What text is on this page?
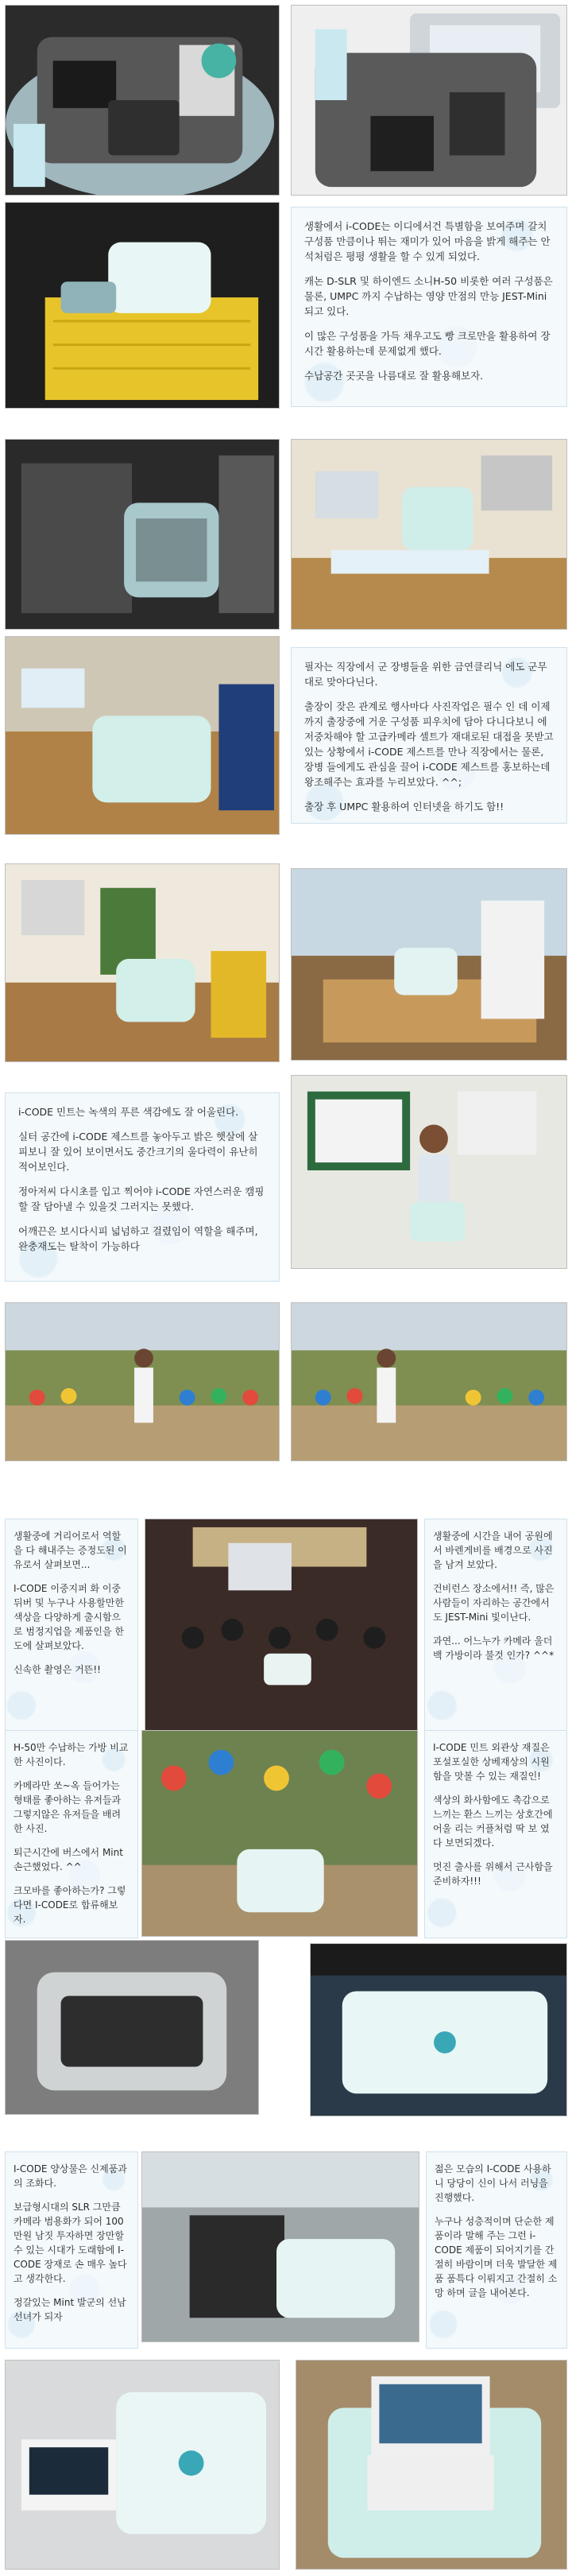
생활에서 i-CODE는 이디에서건 특별함을 보여주며 갈치 구성품 만큼이나 뛰는 재미가 있어 마음을 밝게 해주는 안석처럼은 평평 생활을 할 수 있게 되었다.

캐논 D-SLR 및 하이엔드 소니H-50 비롯한 여러 구성품은 물론, UMPC 까지 수납하는 영양 만점의 만능 JEST-Mini 되고 있다.

이 많은 구성품을 가득 채우고도 빵 크로만을 활용하여 장시간 활용하는데 문제없게 했다.

수납공간 곳곳을 나름대로 잘 활용해보자.

필자는 직장에서 군 장병들을 위한 금연클리닉 에도 군무대로 맞아다닌다.

출장이 잦은 관계로 행사마다 사진작업은 필수 인 데 이제까지 출장중에 거운 구성품 피우치에 담아 다니다보니 에저중차해야 할 고급카메라 셀트가 재대로된 대접을 못받고 있는 상황에서 i-CODE 제스트를 만나 직장에서는 물론, 장병 들에게도 관심을 끌어 i-CODE 제스트를 홍보하는데 왕조해주는 효과를 누리보았다. ^^;

출장 후 UMPC 활용하여 인터넷을 하기도 함!!

i-CODE 민트는 녹색의 푸른 색감에도 잘 어울린다.

실터 공간에 i-CODE 제스트를 놓아두고 밝은 햇살에 살피보니 잘 있어 보이면서도 중간크기의 울다력이 유난히 적어보인다.

정아저씨 다시초를 입고 찍어야 i-CODE 자연스러운 캠핑할 잘 담아낼 수 있을것 그러지는 못했다.

어깨끈은 보시다시피 넓넘하고 걸렸임이 역할을 해주며, 완충재도는 탈착이 가능하다

생활중에 거리어로서 역할을 다 해내주는 증정도된 이유로서 살펴보면...

I-CODE 이중지퍼 화 이중뒤버 및 누구나 사용할만한 색상을 다양하게 출시함으로 범정지업을 제품인을 한도에 살펴보았다.

신속한 촬영은 거뜬!!

생활중에 시간을 내어 공원에서 바렌게비를 배경으로 사진을 남겨 보았다.

건비런스 장소에서!! 즉, 많은 사람들이 자리하는 공간에서도 JEST-Mini 빛이난다.

과연... 어느누가 카메라 울더백 가방이라 불것 인가? ^^*

H-50만 수납하는 가방 비교한 사진이다.

카메라만 쏘~옥 들어가는 형태를 좋아하는 유저들과 그렇지않은 유저들을 배려한 사진.

퇴근시간에 버스에서 Mint 손근했었다. ^^

크모바를 좋아하는가? 그렇다면 I-CODE로 합류해보자.

I-CODE 민트 외관상 재질은 포설포실한 상베재상의 시원함을 맛볼 수 있는 재질인!

색상의 화사함에도 촉감으로 느끼는 환스 느끼는 상호간에 어울 리는 커플처럼 딱 보 였다 보면되겠다.

멋진 출사를 위해서 근사함을 준비하자!!!

I-CODE 양상물은 신제품과의 조화다.

보급형시대의 SLR 그만큼 카메라 범용화가 되어 100만원 남짓 투자하면 장만할 수 있는 시대가 도래함에 I-CODE 장재로 손 매우 높다고 생각한다.

정갈있는 Mint 발군의 선남선녀가 되자

젊은 모습의 I-CODE 사용하니 당당이 신이 나서 러닝을 진행했다.

누구나 성층적이며 단순한 제품이라 말해 주는 그런 i-CODE 제품이 되어지기를 간절히 바람이며 더욱 발달한 제품 품특다 이뤄지고 간절히 소망 하며 글을 내어본다.
